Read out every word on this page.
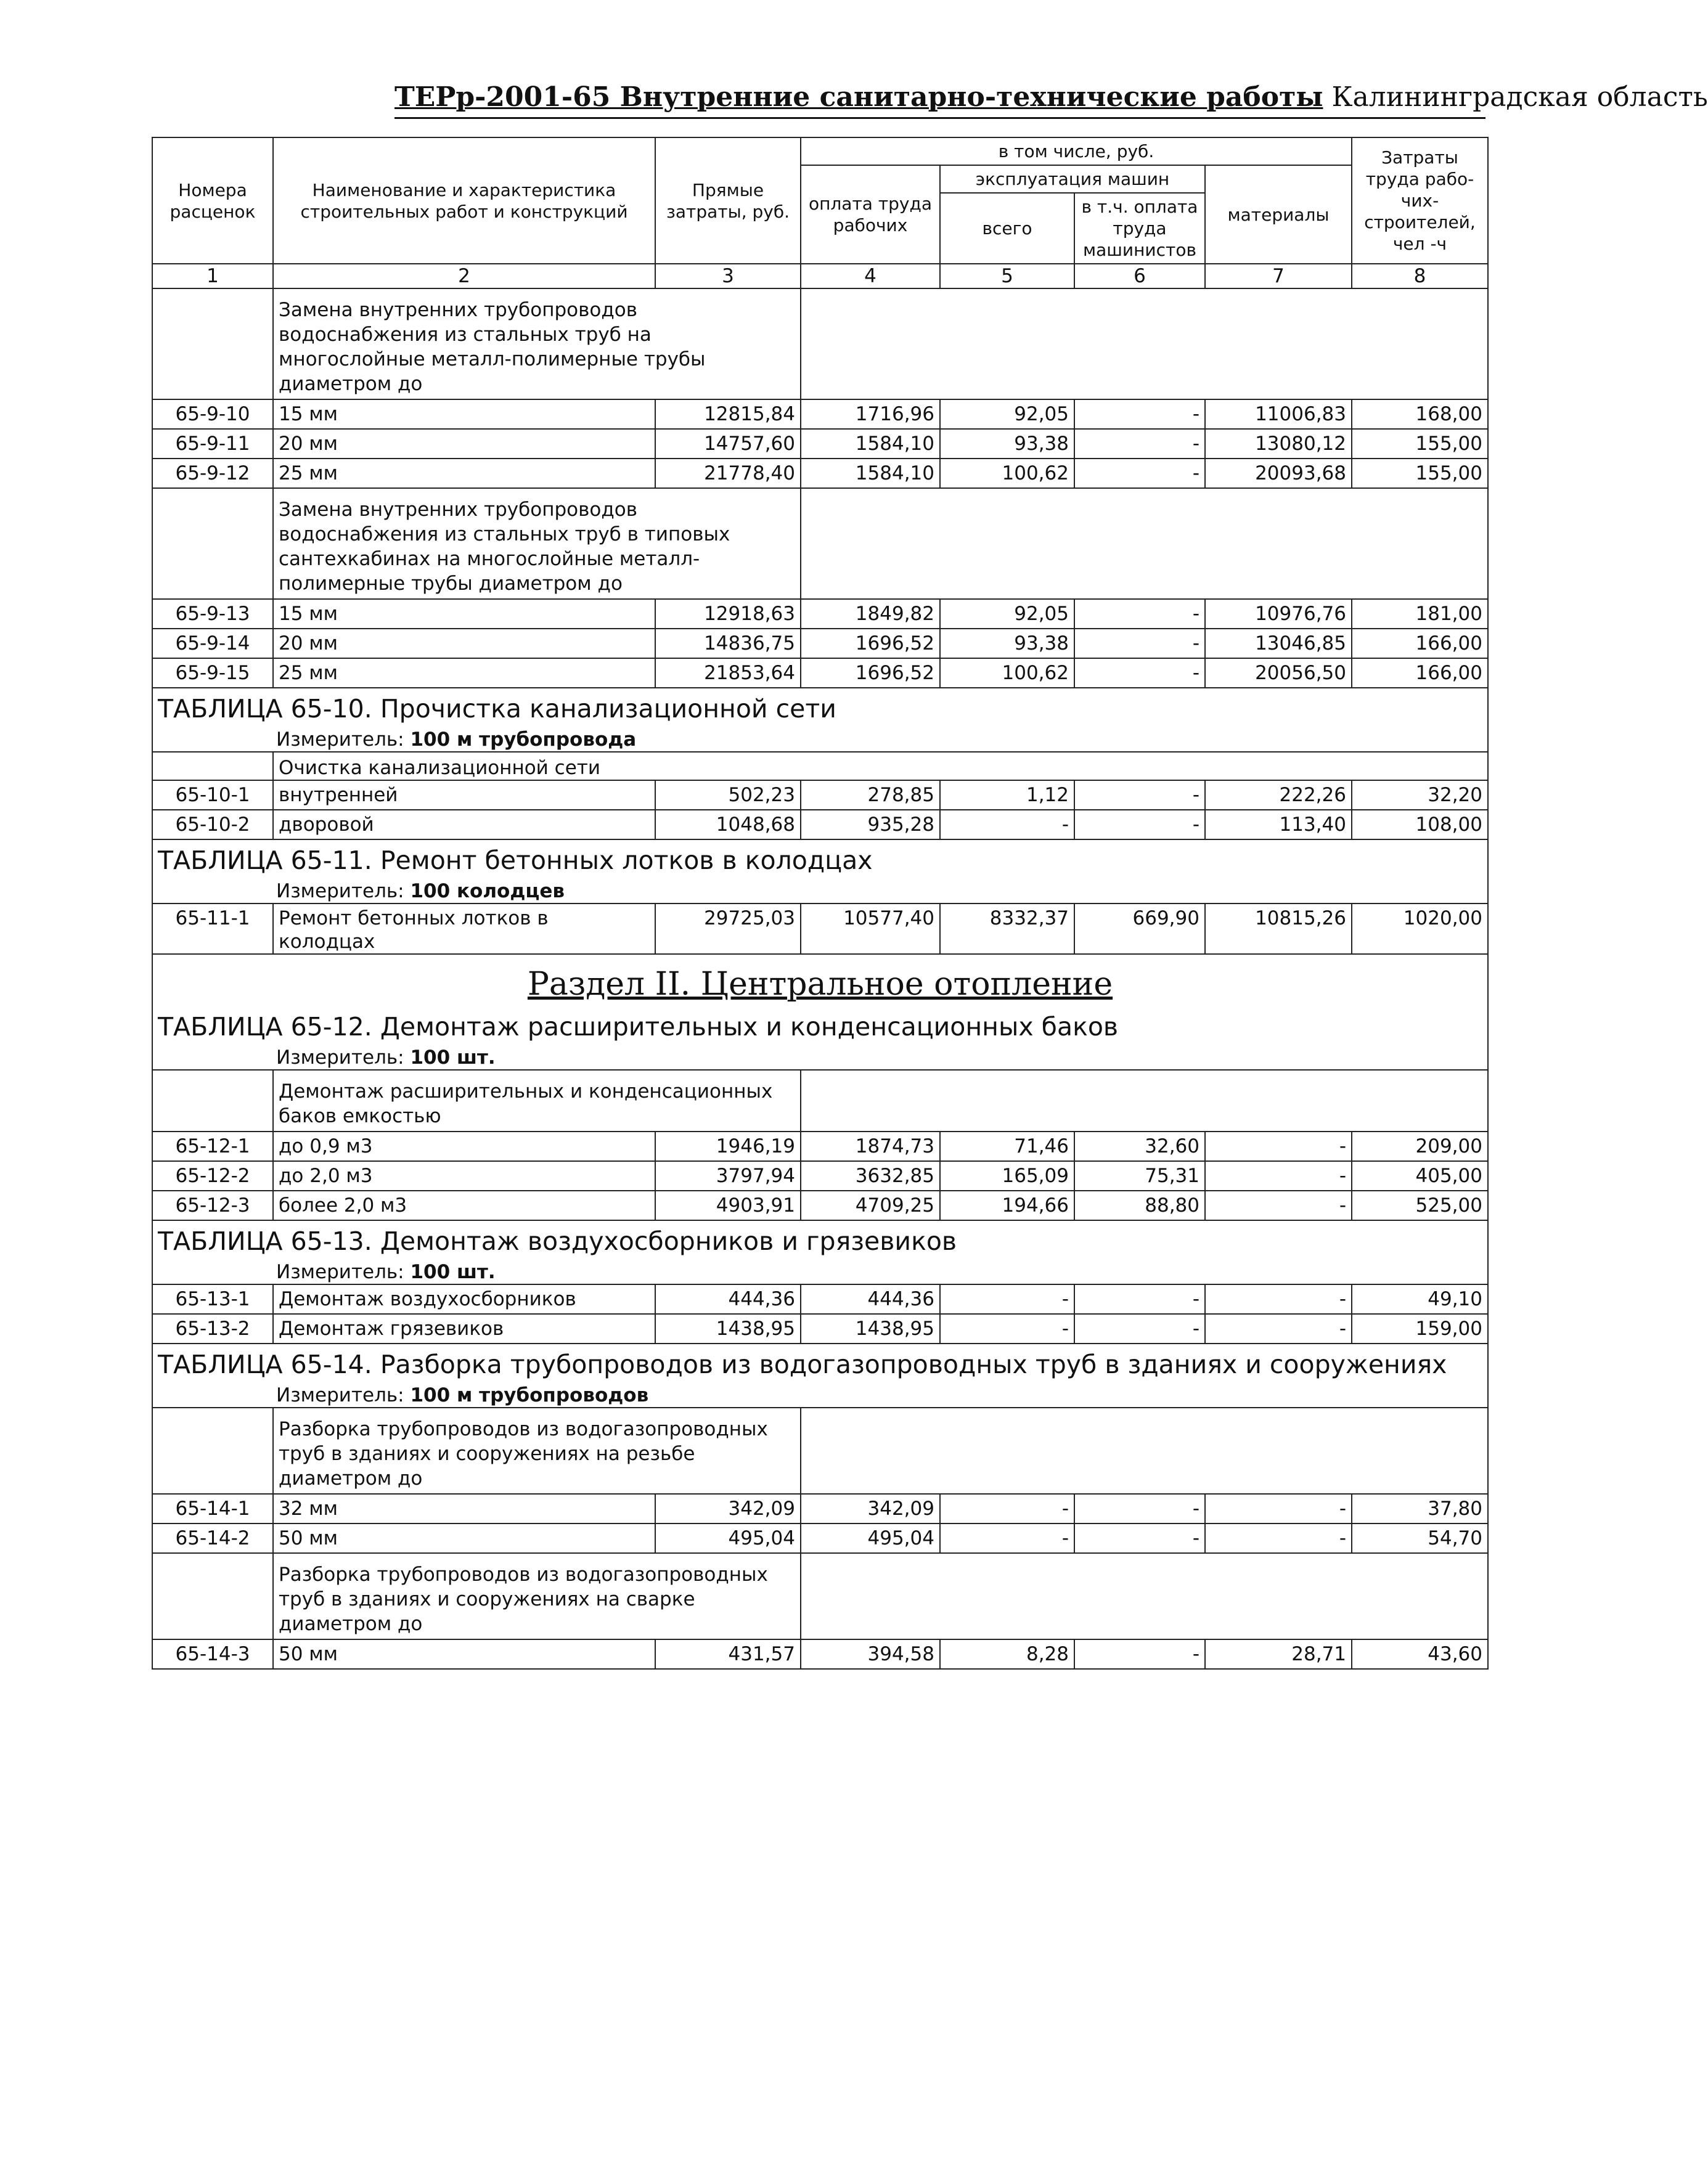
ТЕРр-2001-65 Внутренние санитарно-технические работы Калининградская область
Номера расценок	Наименование и характеристика строительных работ и конструкций	Прямые затраты, руб.	в том числе, руб.				Затраты труда рабо-чих-строителей, чел -ч
			оплата труда рабочих	эксплуатация машин		материалы	
				всего	в т.ч. оплата труда машинистов		
1	2	3	4	5	6	7	8
	Замена внутренних трубопроводов водоснабжения из стальных труб на многослойные металл-полимерные трубы диаметром до						
65-9-10	15 мм	12815,84	1716,96	92,05	-	11006,83	168,00
65-9-11	20 мм	14757,60	1584,10	93,38	-	13080,12	155,00
65-9-12	25 мм	21778,40	1584,10	100,62	-	20093,68	155,00
	Замена внутренних трубопроводов водоснабжения из стальных труб в типовых сантехкабинах на многослойные металл-полимерные трубы диаметром до						
65-9-13	15 мм	12918,63	1849,82	92,05	-	10976,76	181,00
65-9-14	20 мм	14836,75	1696,52	93,38	-	13046,85	166,00
65-9-15	25 мм	21853,64	1696,52	100,62	-	20056,50	166,00
ТАБЛИЦА 65-10. Прочистка канализационной сети							
Измеритель: 100 м трубопровода							
	Очистка канализационной сети						
65-10-1	внутренней	502,23	278,85	1,12	-	222,26	32,20
65-10-2	дворовой	1048,68	935,28	-	-	113,40	108,00
ТАБЛИЦА 65-11. Ремонт бетонных лотков в колодцах							
Измеритель: 100 колодцев							
65-11-1	Ремонт бетонных лотков в колодцах	29725,03	10577,40	8332,37	669,90	10815,26	1020,00
Раздел II. Центральное отопление							
ТАБЛИЦА 65-12. Демонтаж расширительных и конденсационных баков							
Измеритель: 100 шт.							
	Демонтаж расширительных и конденсационных баков емкостью						
65-12-1	до 0,9 м3	1946,19	1874,73	71,46	32,60	-	209,00
65-12-2	до 2,0 м3	3797,94	3632,85	165,09	75,31	-	405,00
65-12-3	более 2,0 м3	4903,91	4709,25	194,66	88,80	-	525,00
ТАБЛИЦА 65-13. Демонтаж воздухосборников и грязевиков							
Измеритель: 100 шт.							
65-13-1	Демонтаж воздухосборников	444,36	444,36	-	-	-	49,10
65-13-2	Демонтаж грязевиков	1438,95	1438,95	-	-	-	159,00
ТАБЛИЦА 65-14. Разборка трубопроводов из водогазопроводных труб в зданиях и сооружениях							
Измеритель: 100 м трубопроводов							
	Разборка трубопроводов из водогазопроводных труб в зданиях и сооружениях на резьбе диаметром до						
65-14-1	32 мм	342,09	342,09	-	-	-	37,80
65-14-2	50 мм	495,04	495,04	-	-	-	54,70
	Разборка трубопроводов из водогазопроводных труб в зданиях и сооружениях на сварке диаметром до						
65-14-3	50 мм	431,57	394,58	8,28	-	28,71	43,60
